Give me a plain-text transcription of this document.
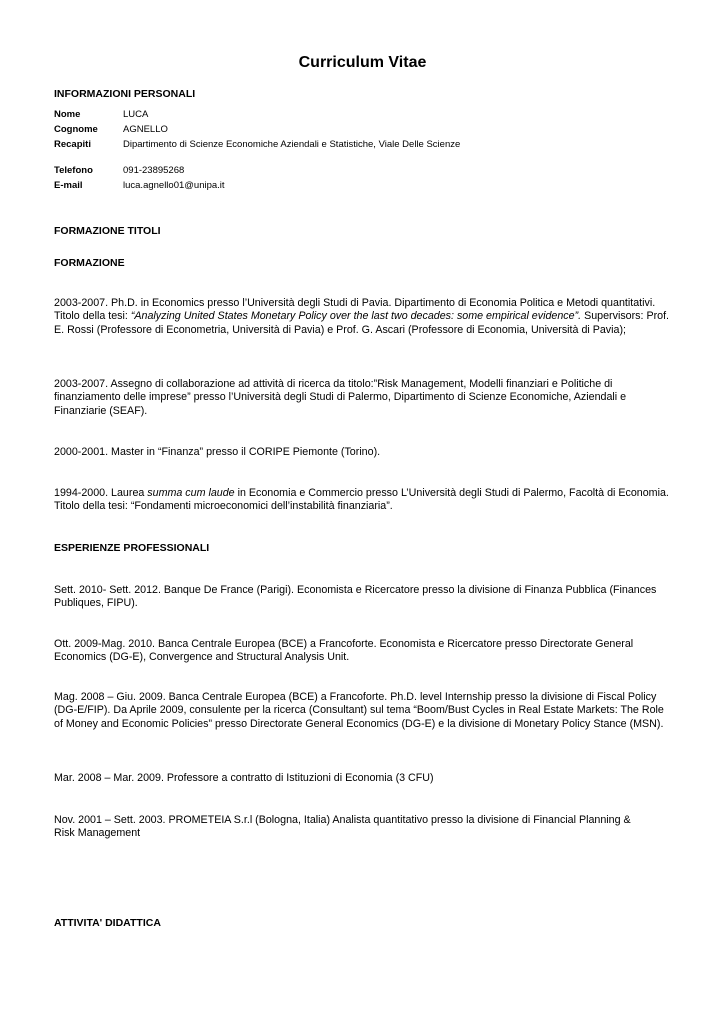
Curriculum Vitae
INFORMAZIONI PERSONALI
Nome	LUCA
Cognome	AGNELLO
Recapiti	Dipartimento di Scienze Economiche Aziendali e Statistiche, Viale Delle Scienze
Telefono	091-23895268
E-mail	luca.agnello01@unipa.it
FORMAZIONE TITOLI
FORMAZIONE
2003-2007. Ph.D. in Economics presso l’Università degli Studi di Pavia. Dipartimento di Economia Politica e Metodi quantitativi. Titolo della tesi: “Analyzing United States Monetary Policy over the last two decades: some empirical evidence”. Supervisors: Prof. E. Rossi (Professore di Econometria, Università di Pavia) e Prof. G. Ascari (Professore di Economia, Università di Pavia);
2003-2007. Assegno di collaborazione ad attività di ricerca da titolo:”Risk Management, Modelli finanziari e Politiche di finanziamento delle imprese” presso l’Università degli Studi di Palermo, Dipartimento di Scienze Economiche, Aziendali e Finanziarie (SEAF).
2000-2001. Master in “Finanza” presso il CORIPE Piemonte (Torino).
1994-2000. Laurea summa cum laude in Economia e Commercio presso L’Università degli Studi di Palermo, Facoltà di Economia. Titolo della tesi: “Fondamenti microeconomici dell’instabilità finanziaria”.
ESPERIENZE PROFESSIONALI
Sett. 2010- Sett. 2012. Banque De France (Parigi). Economista e Ricercatore presso la divisione di Finanza Pubblica (Finances Publiques, FIPU).
Ott. 2009-Mag. 2010. Banca Centrale Europea (BCE) a Francoforte. Economista e Ricercatore presso Directorate General Economics (DG-E), Convergence and Structural Analysis Unit.
Mag. 2008 – Giu. 2009. Banca Centrale Europea (BCE) a Francoforte. Ph.D. level Internship presso la divisione di Fiscal Policy (DG-E/FIP). Da Aprile 2009, consulente per la ricerca (Consultant) sul tema “Boom/Bust Cycles in Real Estate Markets: The Role of Money and Economic Policies” presso Directorate General Economics (DG-E) e la divisione di Monetary Policy Stance (MSN).
Mar. 2008 – Mar. 2009. Professore a contratto di Istituzioni di Economia (3 CFU)
Nov. 2001 – Sett. 2003. PROMETEIA S.r.l (Bologna, Italia) Analista quantitativo presso la divisione di Financial Planning & Risk Management
ATTIVITA' DIDATTICA
